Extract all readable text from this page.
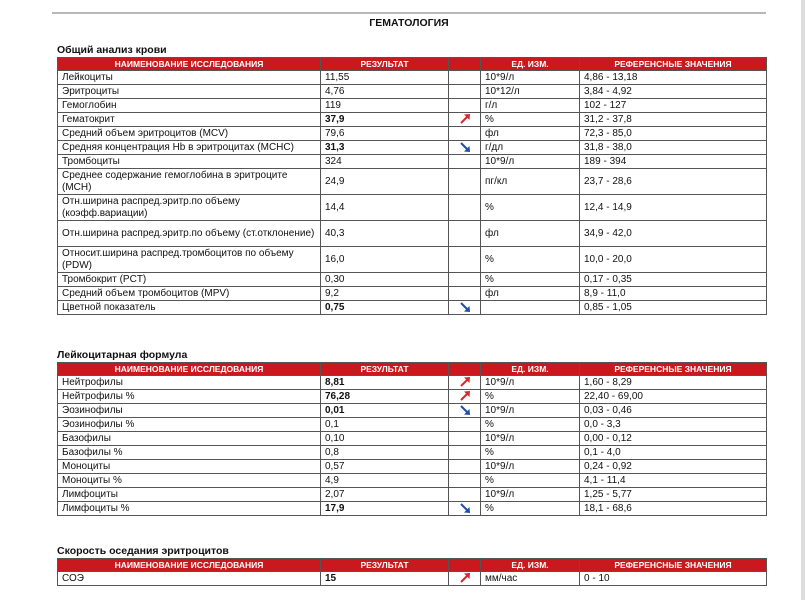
ГЕМАТОЛОГИЯ
Общий анализ крови
НАИМЕНОВАНИЕ ИССЛЕДОВАНИЯ	РЕЗУЛЬТАТ		ЕД. ИЗМ.	РЕФЕРЕНСНЫЕ ЗНАЧЕНИЯ
Лейкоциты	11,55		10*9/л	4,86 - 13,18
Эритроциты	4,76		10*12/л	3,84 - 4,92
Гемоглобин	119		г/л	102 - 127
Гематокрит	37,9		%	31,2 - 37,8
Средний объем эритроцитов (MCV)	79,6		фл	72,3 - 85,0
Средняя концентрация Hb в эритроцитах (MCHC)	31,3		г/дл	31,8 - 38,0
Тромбоциты	324		10*9/л	189 - 394
Среднее содержание гемоглобина в эритроците (MCH)	24,9		пг/кл	23,7 - 28,6
Отн.ширина распред.эритр.по объему (коэфф.вариации)	14,4		%	12,4 - 14,9
Отн.ширина распред.эритр.по объему (ст.отклонение)	40,3		фл	34,9 - 42,0
Относит.ширина распред.тромбоцитов по объему (PDW)	16,0		%	10,0 - 20,0
Тромбокрит (PCT)	0,30		%	0,17 - 0,35
Средний объем тромбоцитов (MPV)	9,2		фл	8,9 - 11,0
Цветной показатель	0,75			0,85 - 1,05
Лейкоцитарная формула
НАИМЕНОВАНИЕ ИССЛЕДОВАНИЯ	РЕЗУЛЬТАТ		ЕД. ИЗМ.	РЕФЕРЕНСНЫЕ ЗНАЧЕНИЯ
Нейтрофилы	8,81		10*9/л	1,60 - 8,29
Нейтрофилы %	76,28		%	22,40 - 69,00
Эозинофилы	0,01		10*9/л	0,03 - 0,46
Эозинофилы %	0,1		%	0,0 - 3,3
Базофилы	0,10		10*9/л	0,00 - 0,12
Базофилы %	0,8		%	0,1 - 4,0
Моноциты	0,57		10*9/л	0,24 - 0,92
Моноциты %	4,9		%	4,1 - 11,4
Лимфоциты	2,07		10*9/л	1,25 - 5,77
Лимфоциты %	17,9		%	18,1 - 68,6
Скорость оседания эритроцитов
НАИМЕНОВАНИЕ ИССЛЕДОВАНИЯ	РЕЗУЛЬТАТ		ЕД. ИЗМ.	РЕФЕРЕНСНЫЕ ЗНАЧЕНИЯ
СОЭ	15		мм/час	0 - 10
